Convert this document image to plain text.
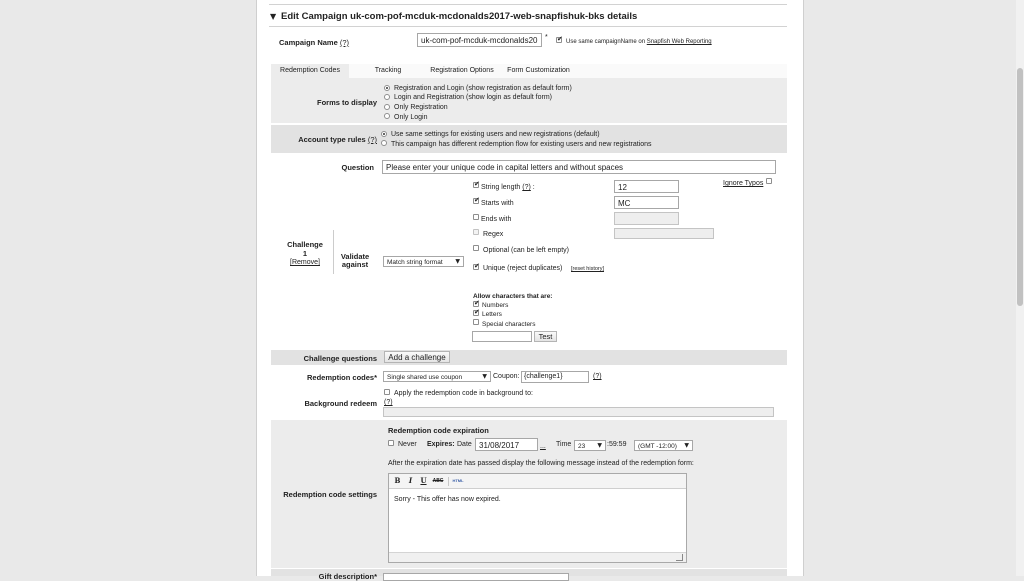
▼ Edit Campaign uk-com-pof-mcduk-mcdonalds2017-web-snapfishuk-bks details
Campaign Name (?)	uk-com-pof-mcduk-mcdonalds20	*
✔
Use same campaignName on Snapfish Web Reporting
Redemption Codes	Tracking	Registration Options	Form Customization
Forms to display
Registration and Login (show registration as default form)
Login and Registration (show login as default form)
Only Registration
Only Login
Account type rules (?)
Use same settings for existing users and new registrations (default)
This campaign has different redemption flow for existing users and new registrations
Question	Please enter your unique code in capital letters and without spaces
Challenge
1
[Remove]
Validate against	Match string format ▼
✔
String length (?) :	12
✔
Starts with	MC
Ends with
Regex
Ignore Typos
Optional (can be left empty)
✔
Unique (reject duplicates) [reset history]
Allow characters that are:
✔
Numbers
✔
Letters
Special characters
Test
Challenge questions	Add a challenge
Redemption codes*	Single shared use coupon	▼ Coupon: {challenge1}	(?)
Background redeem
Apply the redemption code in background to:
(?)
Redemption code settings
Redemption code expiration
Never Expires: Date 31/08/2017	... Time	23 ▼ :59:59	(GMT -12:00) ▼
After the expiration date has passed display the following message instead of the redemption form:
B	I	U	ABC	HTML
Sorry - This offer has now expired.
Gift description*
